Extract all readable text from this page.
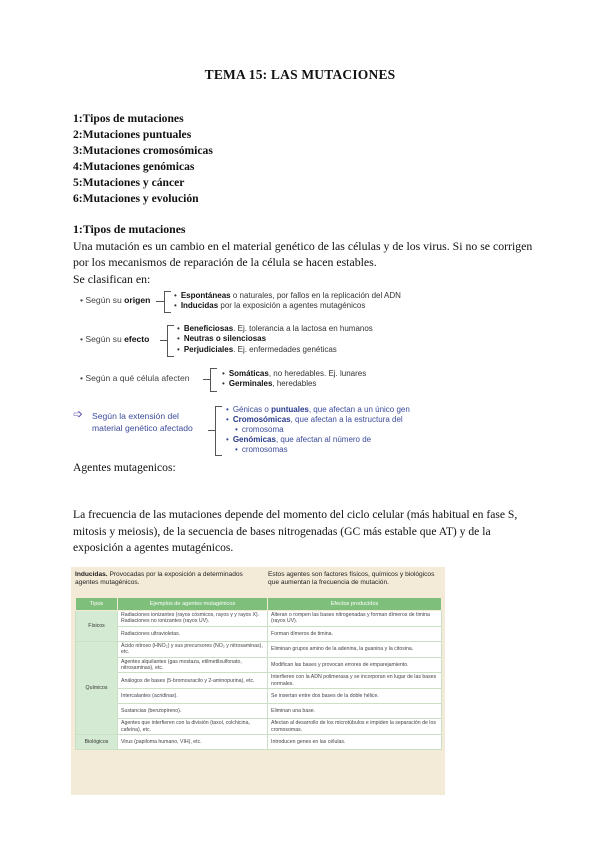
TEMA 15: LAS MUTACIONES
1:Tipos de mutaciones
2:Mutaciones puntuales
3:Mutaciones cromosómicas
4:Mutaciones genómicas
5:Mutaciones y cáncer
6:Mutaciones y evolución
1:Tipos de mutaciones
Una mutación es un cambio en el material genético de las células y de los virus. Si no se corrigen por los mecanismos de reparación de la célula se hacen estables.
Se clasifican en:
• Según su origen	• Espontáneas o naturales, por fallos en la replicación del ADN
• Inducidas por la exposición a agentes mutagénicos
• Según su efecto
• Beneficiosas. Ej. tolerancia a la lactosa en humanos
• Neutras o silenciosas
• Perjudiciales. Ej. enfermedades genéticas
• Según a qué célula afecten	• Somáticas, no heredables. Ej. lunares
• Germinales, heredables
➩ Según la extensión del
material genético afectado
• Génicas o puntuales, que afectan a un único gen
• Cromosómicas, que afectan a la estructura del
• cromosoma
• Genómicas, que afectan al número de
• cromosomas
Agentes mutagenicos:
La frecuencia de las mutaciones depende del momento del ciclo celular (más habitual en fase S, mitosis y meiosis), de la secuencia de bases nitrogenadas (GC más estable que AT) y de la exposición a agentes mutagénicos.
Inducidas. Provocadas por la exposición a determinados agentes mutagénicos.
Estos agentes son factores físicos, químicos y biológicos que aumentan la frecuencia de mutación.
Tipos	Ejemplos de agentes mutagénicos	Efectos producidos
Físicos	Radiaciones ionizantes (rayos cósmicos, rayos γ y rayos X). Radiaciones no ionizantes (rayos UV).	Alteran o rompen las bases nitrogenadas y forman dímeros de timina (rayos UV).
	Radiaciones ultravioletas.	Forman dímeros de timina.
Químicos	Ácido nitroso (HNO₂) y sus precursores (NO₂ y nitrosaminas), etc.	Eliminan grupos amino de la adenina, la guanina y la citosina.
	Agentes alquilantes (gas mostaza, etilmetilsulfonato, nitrosaminas), etc.	Modifican las bases y provocan errores de emparejamiento.
	Análogos de bases (5-bromouracilo y 2-aminopurina), etc.	Interfieren con la ADN polimerasa y se incorporan en lugar de las bases normales.
	Intercalantes (acridinas).	Se insertan entre dos bases de la doble hélice.
	Sustancias (benzopireno).	Eliminan una base.
	Agentes que interfieren con la división (taxol, colchicina, cafeína), etc.	Afectan al desarrollo de los microtúbulos e impiden la separación de los cromosomas.
Biológicos	Virus (papiloma humano, VIH), etc.	Introducen genes en las células.
